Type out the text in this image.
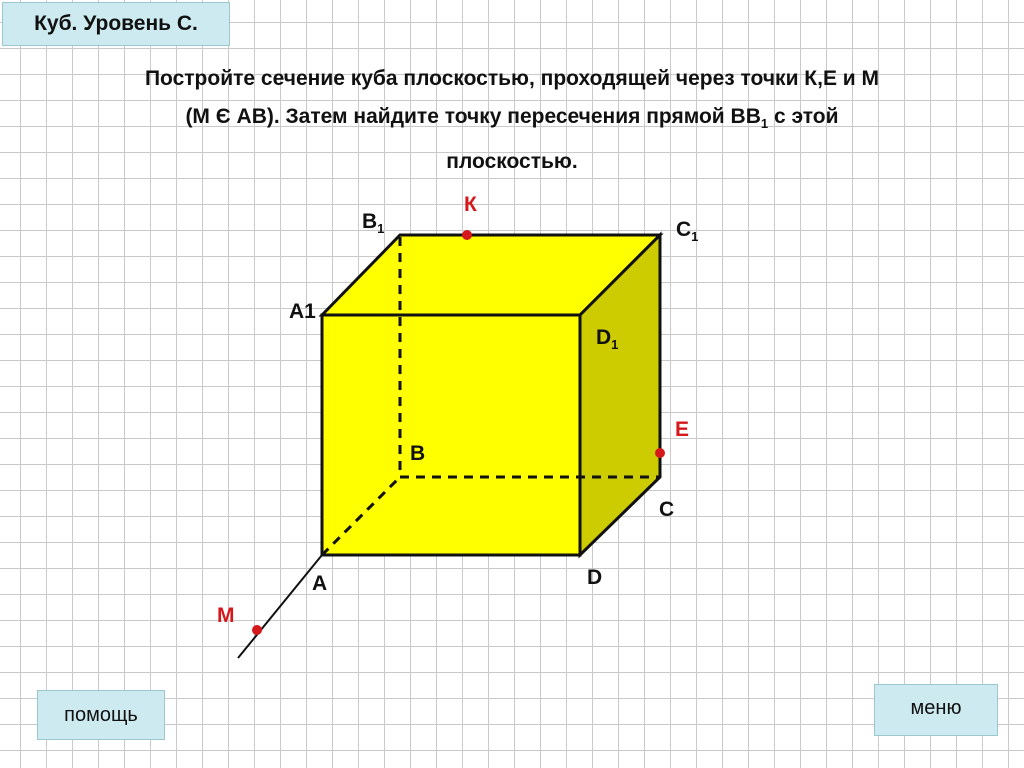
Куб. Уровень С.
Постройте сечение куба плоскостью, проходящей через точки К,Е и М
(М Є АВ). Затем найдите точку пересечения прямой $ВВ_1$ с этой
плоскостью.
$В_1$	$С_1$
А1
$D_1$
В
С
А	D
К
Е
М
помощь	меню
